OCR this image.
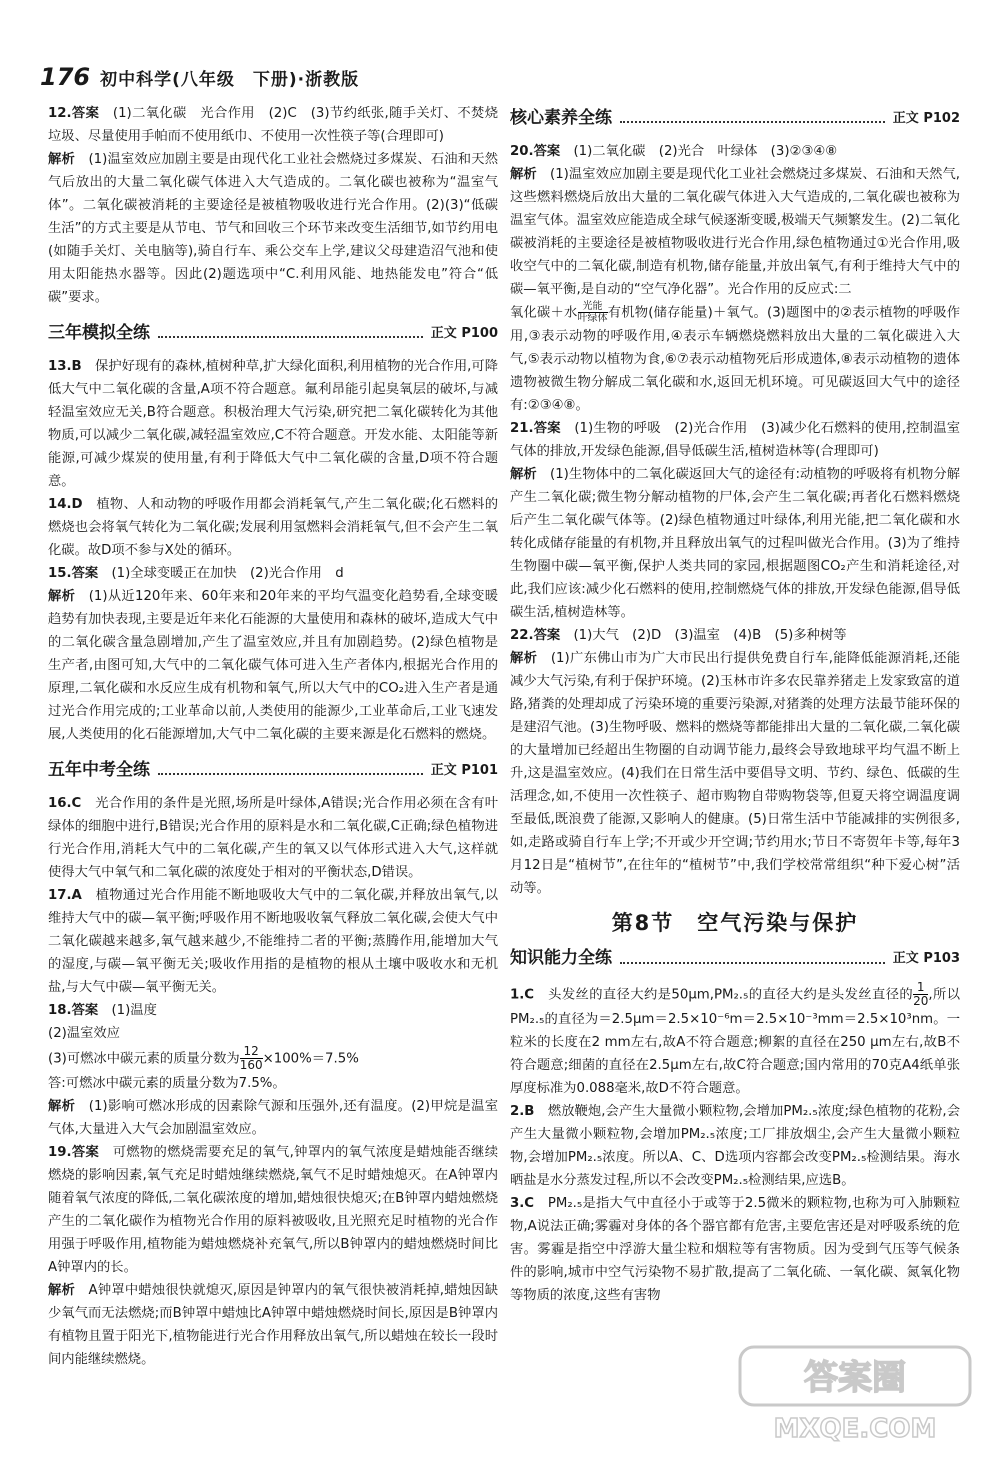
176 初中科学(八年级　下册)·浙教版
12.答案　 (1)二氧化碳　光合作用　(2)C　(3)节约纸张,随手关灯、不焚烧垃圾、尽量使用手帕而不使用纸巾、不使用一次性筷子等(合理即可)
解析　 (1)温室效应加剧主要是由现代化工业社会燃烧过多煤炭、石油和天然气后放出的大量二氧化碳气体进入大气造成的。二氧化碳也被称为“温室气体”。二氧化碳被消耗的主要途径是被植物吸收进行光合作用。(2)(3)“低碳生活”的方式主要是从节电、节气和回收三个环节来改变生活细节,如节约用电(如随手关灯、关电脑等),骑自行车、乘公交车上学,建议父母建造沼气池和使用太阳能热水器等。因此(2)题选项中“C.利用风能、地热能发电”符合“低碳”要求。
三年模拟全练	正文 P100
13.B　 保护好现有的森林,植树种草,扩大绿化面积,利用植物的光合作用,可降低大气中二氧化碳的含量,A项不符合题意。氟利昂能引起臭氧层的破坏,与减轻温室效应无关,B符合题意。积极治理大气污染,研究把二氧化碳转化为其他物质,可以减少二氧化碳,减轻温室效应,C不符合题意。开发水能、太阳能等新能源,可减少煤炭的使用量,有利于降低大气中二氧化碳的含量,D项不符合题意。
14.D　 植物、人和动物的呼吸作用都会消耗氧气,产生二氧化碳;化石燃料的燃烧也会将氧气转化为二氧化碳;发展利用氢燃料会消耗氧气,但不会产生二氧化碳。故D项不参与X处的循环。
15.答案　 (1)全球变暖正在加快　(2)光合作用　d
解析　 (1)从近120年来、60年来和20年来的平均气温变化趋势看,全球变暖趋势有加快表现,主要是近年来化石能源的大量使用和森林的破坏,造成大气中的二氧化碳含量急剧增加,产生了温室效应,并且有加剧趋势。(2)绿色植物是生产者,由图可知,大气中的二氧化碳气体可进入生产者体内,根据光合作用的原理,二氧化碳和水反应生成有机物和氧气,所以大气中的CO₂进入生产者是通过光合作用完成的;工业革命以前,人类使用的能源少,工业革命后,工业飞速发展,人类使用的化石能源增加,大气中二氧化碳的主要来源是化石燃料的燃烧。
五年中考全练	正文 P101
16.C　 光合作用的条件是光照,场所是叶绿体,A错误;光合作用必须在含有叶绿体的细胞中进行,B错误;光合作用的原料是水和二氧化碳,C正确;绿色植物进行光合作用,消耗大气中的二氧化碳,产生的氧又以气体形式进入大气,这样就使得大气中氧气和二氧化碳的浓度处于相对的平衡状态,D错误。
17.A　 植物通过光合作用能不断地吸收大气中的二氧化碳,并释放出氧气,以维持大气中的碳—氧平衡;呼吸作用不断地吸收氧气释放二氧化碳,会使大气中二氧化碳越来越多,氧气越来越少,不能维持二者的平衡;蒸腾作用,能增加大气的湿度,与碳—氧平衡无关;吸收作用指的是植物的根从土壤中吸收水和无机盐,与大气中碳—氧平衡无关。
18.答案　 (1)温度
(2)温室效应
(3)可燃冰中碳元素的质量分数为 $\frac{12}{160}\times 100\%=7.5\%$
答:可燃冰中碳元素的质量分数为7.5%。
解析　 (1)影响可燃冰形成的因素除气源和压强外,还有温度。(2)甲烷是温室气体,大量进入大气会加剧温室效应。
19.答案　 可燃物的燃烧需要充足的氧气,钟罩内的氧气浓度是蜡烛能否继续燃烧的影响因素,氧气充足时蜡烛继续燃烧,氧气不足时蜡烛熄灭。在A钟罩内随着氧气浓度的降低,二氧化碳浓度的增加,蜡烛很快熄灭;在B钟罩内蜡烛燃烧产生的二氧化碳作为植物光合作用的原料被吸收,且光照充足时植物的光合作用强于呼吸作用,植物能为蜡烛燃烧补充氧气,所以B钟罩内的蜡烛燃烧时间比A钟罩内的长。
解析　 A钟罩中蜡烛很快就熄灭,原因是钟罩内的氧气很快被消耗掉,蜡烛因缺少氧气而无法燃烧;而B钟罩中蜡烛比A钟罩中蜡烛燃烧时间长,原因是B钟罩内有植物且置于阳光下,植物能进行光合作用释放出氧气,所以蜡烛在较长一段时间内能继续燃烧。
核心素养全练	正文 P102
20.答案　 (1)二氧化碳　(2)光合　叶绿体　(3)②③④⑧
解析　 (1)温室效应加剧主要是现代化工业社会燃烧过多煤炭、石油和天然气,这些燃料燃烧后放出大量的二氧化碳气体进入大气造成的,二氧化碳也被称为温室气体。温室效应能造成全球气候逐渐变暖,极端天气频繁发生。(2)二氧化碳被消耗的主要途径是被植物吸收进行光合作用,绿色植物通过①光合作用,吸收空气中的二氧化碳,制造有机物,储存能量,并放出氧气,有利于维持大气中的碳—氧平衡,是自动的“空气净化器”。光合作用的反应式:二
氧化碳＋水 $\frac{\text{光能}}{\text{叶绿体}}$有机物(储存能量)＋氧气。(3)题图中的②表示植物的呼吸作用,③表示动物的呼吸作用,④表示车辆燃烧燃料放出大量的二氧化碳进入大气,⑤表示动物以植物为食,⑥⑦表示动植物死后形成遗体,⑧表示动植物的遗体遗物被微生物分解成二氧化碳和水,返回无机环境。可见碳返回大气中的途径有:②③④⑧。
21.答案　 (1)生物的呼吸　(2)光合作用　(3)减少化石燃料的使用,控制温室气体的排放,开发绿色能源,倡导低碳生活,植树造林等(合理即可)
解析　 (1)生物体中的二氧化碳返回大气的途径有:动植物的呼吸将有机物分解产生二氧化碳;微生物分解动植物的尸体,会产生二氧化碳;再者化石燃料燃烧后产生二氧化碳气体等。(2)绿色植物通过叶绿体,利用光能,把二氧化碳和水转化成储存能量的有机物,并且释放出氧气的过程叫做光合作用。(3)为了维持生物圈中碳—氧平衡,保护人类共同的家园,根据题图CO₂产生和消耗途径,对此,我们应该:减少化石燃料的使用,控制燃烧气体的排放,开发绿色能源,倡导低碳生活,植树造林等。
22.答案　 (1)大气　(2)D　(3)温室　(4)B　(5)多种树等
解析　 (1)广东佛山市为广大市民出行提供免费自行车,能降低能源消耗,还能减少大气污染,有利于保护环境。(2)玉林市许多农民靠养猪走上发家致富的道路,猪粪的处理却成了污染环境的重要污染源,对猪粪的处理方法最节能环保的是建沼气池。(3)生物呼吸、燃料的燃烧等都能排出大量的二氧化碳,二氧化碳的大量增加已经超出生物圈的自动调节能力,最终会导致地球平均气温不断上升,这是温室效应。(4)我们在日常生活中要倡导文明、节约、绿色、低碳的生活理念,如,不使用一次性筷子、超市购物自带购物袋等,但夏天将空调温度调至最低,既浪费了能源,又影响人的健康。(5)日常生活中节能减排的实例很多,如,走路或骑自行车上学;不开或少开空调;节约用水;节日不寄贺年卡等,每年3月12日是“植树节”,在往年的“植树节”中,我们学校常常组织“种下爱心树”活动等。
第8节　空气污染与保护
知识能力全练	正文 P103
1.C　 头发丝的直径大约是50μm,PM₂.₅的直径大约是头发丝直径的 $\frac{1}{20}$,所以PM₂.₅的直径为＝2.5μm＝2.5×10⁻⁶m＝2.5×10⁻³mm＝2.5×10³nm。一粒米的长度在2 mm左右,故A不符合题意;柳絮的直径在250 μm左右,故B不符合题意;细菌的直径在2.5μm左右,故C符合题意;国内常用的70克A4纸单张厚度标准为0.088毫米,故D不符合题意。
2.B　 燃放鞭炮,会产生大量微小颗粒物,会增加PM₂.₅浓度;绿色植物的花粉,会产生大量微小颗粒物,会增加PM₂.₅浓度;工厂排放烟尘,会产生大量微小颗粒物,会增加PM₂.₅浓度。所以A、C、D选项内容都会改变PM₂.₅检测结果。海水晒盐是水分蒸发过程,所以不会改变PM₂.₅检测结果,应选B。
3.C　 PM₂.₅是指大气中直径小于或等于2.5微米的颗粒物,也称为可入肺颗粒物,A说法正确;雾霾对身体的各个器官都有危害,主要危害还是对呼吸系统的危害。雾霾是指空中浮游大量尘粒和烟粒等有害物质。因为受到气压等气候条件的影响,城市中空气污染物不易扩散,提高了二氧化硫、一氧化碳、氮氧化物等物质的浓度,这些有害物
答案圈
MXQE.COM
